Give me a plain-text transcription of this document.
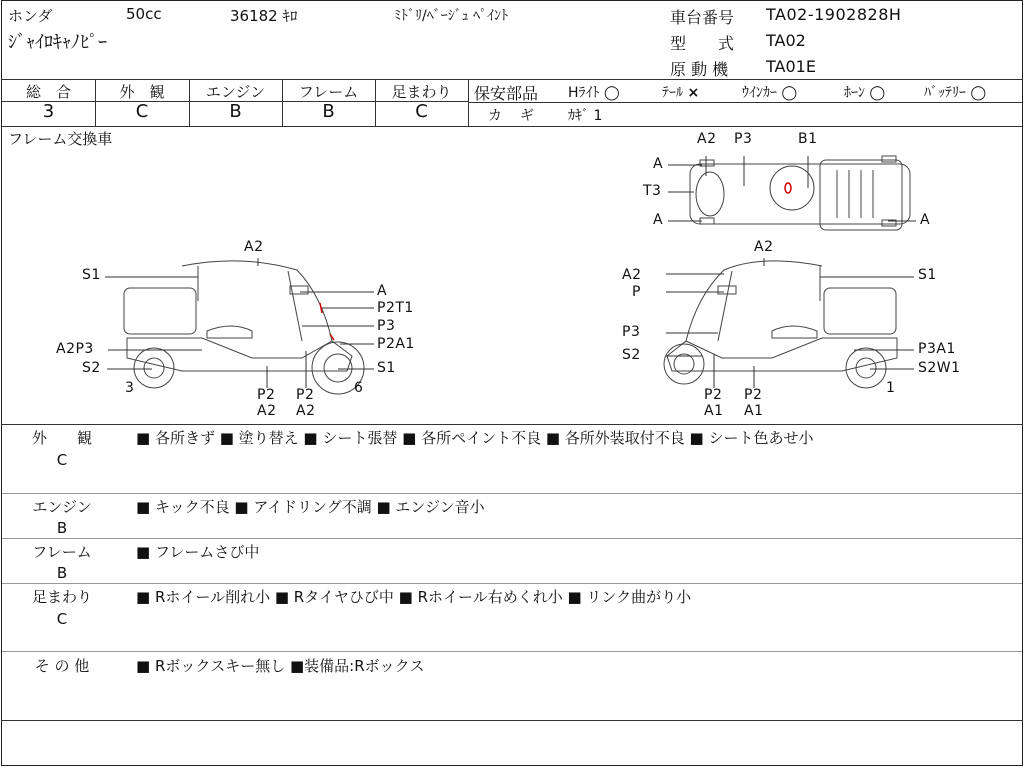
ホンダ	50cc	36182 ｷﾛ	ﾐﾄﾞﾘ/ﾍﾞｰｼﾞｭ ﾍﾟｲﾝﾄ
ｼﾞｬｲﾛｷｬﾉﾋﾟｰ
車台番号 TA02-1902828H
型　　式 TA02
原 動 機 TA01E
総　合	外　観	エンジン	フレーム	足まわり
3	C	B	B	C
保安部品 Hﾗｲﾄ ◯	ﾃｰﾙ ×	ｳｲﾝｶｰ ◯	ﾎｰﾝ ◯	ﾊﾞｯﾃﾘｰ ◯
カ　ギ ｶｷﾞ 1
フレーム交換車	A2 P3	B1
A
T3
A	A
A2
S1
A
P2T1
P3
A2P3	P2A1
S2	S1
3	6
P2
A2
P2
A2
A2
A2	S1
P
P3
S2	P3A1
S2W1
1
P2
A1
P2
A1
外　　観
C
■ 各所きず ■ 塗り替え ■ シート張替 ■ 各所ペイント不良 ■ 各所外装取付不良 ■ シート色あせ小
エンジン
B
■ キック不良 ■ アイドリング不調 ■ エンジン音小
フレーム
B
■ フレームさび中
足まわり
C
■ Rホイール削れ小 ■ Rタイヤひび中 ■ Rホイール右めくれ小 ■ リンク曲がり小
そ の 他	■ Rボックスキー無し ■装備品:Rボックス
